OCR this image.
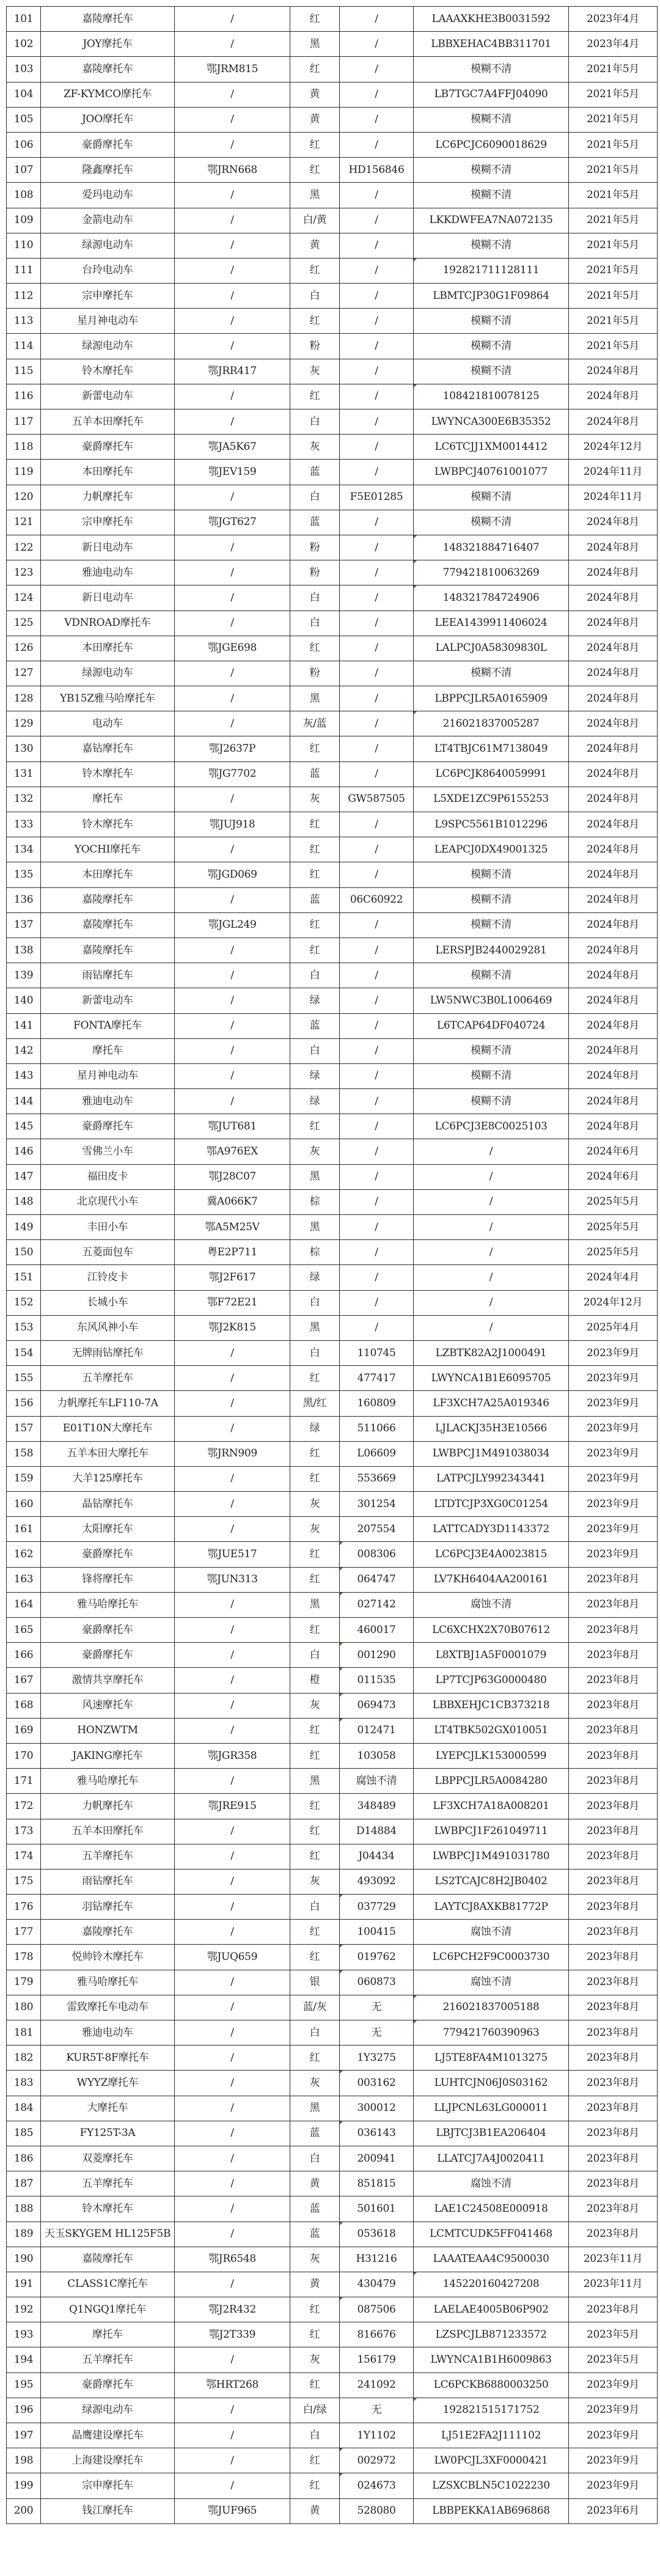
101	嘉陵摩托车	/	红	/	LAAAXKHE3B0031592	2023年4月
102	JOY摩托车	/	黑	/	LBBXEHAC4BB311701	2023年4月
103	嘉陵摩托车	鄂JRM815	红	/	模糊不清	2021年5月
104	ZF-KYMCO摩托车	/	黄	/	LB7TGC7A4FFJ04090	2021年5月
105	JOO摩托车	/	黄	/	模糊不清	2021年5月
106	豪爵摩托车	/	红	/	LC6PCJC6090018629	2021年5月
107	隆鑫摩托车	鄂JRN668	红	HD156846	模糊不清	2021年5月
108	爱玛电动车	/	黑	/	模糊不清	2021年5月
109	金箭电动车	/	白/黄	/	LKKDWFEA7NA072135	2021年5月
110	绿源电动车	/	黄	/	模糊不清	2021年5月
111	台玲电动车	/	红	/	192821711128111	2021年5月
112	宗申摩托车	/	白	/	LBMTCJP30G1F09864	2021年5月
113	星月神电动车	/	红	/	模糊不清	2021年5月
114	绿源电动车	/	粉	/	模糊不清	2021年5月
115	铃木摩托车	鄂JRR417	灰	/	模糊不清	2024年8月
116	新蕾电动车	/	红	/	108421810078125	2024年8月
117	五羊本田摩托车	/	白	/	LWYNCA300E6B35352	2024年8月
118	豪爵摩托车	鄂JA5K67	灰	/	LC6TCJJ1XM0014412	2024年12月
119	本田摩托车	鄂JEV159	蓝	/	LWBPCJ40761001077	2024年11月
120	力帆摩托车	/	白	F5E01285	模糊不清	2024年11月
121	宗申摩托车	鄂JGT627	蓝	/	模糊不清	2024年8月
122	新日电动车	/	粉	/	148321884716407	2024年8月
123	雅迪电动车	/	粉	/	779421810063269	2024年8月
124	新日电动车	/	白	/	148321784724906	2024年8月
125	VDNROAD摩托车	/	白	/	LEEA1439911406024	2024年8月
126	本田摩托车	鄂JGE698	红	/	LALPCJ0A58309830L	2024年8月
127	绿源电动车	/	粉	/	模糊不清	2024年8月
128	YB15Z雅马哈摩托车	/	黑	/	LBPPCJLR5A0165909	2024年8月
129	电动车	/	灰/蓝	/	216021837005287	2024年8月
130	嘉钻摩托车	鄂J2637P	红	/	LT4TBJC61M7138049	2024年8月
131	铃木摩托车	鄂JG7702	蓝	/	LC6PCJK8640059991	2024年8月
132	摩托车	/	灰	GW587505	L5XDE1ZC9P6155253	2024年8月
133	铃木摩托车	鄂JUJ918	红	/	L9SPC5561B1012296	2024年8月
134	YOCHI摩托车	/	红	/	LEAPCJ0DX49001325	2024年8月
135	本田摩托车	鄂JGD069	红	/	模糊不清	2024年8月
136	嘉陵摩托车	/	蓝	06C60922	模糊不清	2024年8月
137	嘉陵摩托车	鄂JGL249	红	/	模糊不清	2024年8月
138	嘉陵摩托车	/	红	/	LERSPJB2440029281	2024年8月
139	雨钻摩托车	/	白	/	模糊不清	2024年8月
140	新蕾电动车	/	绿	/	LW5NWC3B0L1006469	2024年8月
141	FONTA摩托车	/	蓝	/	L6TCAP64DF040724	2024年8月
142	摩托车	/	白	/	模糊不清	2024年8月
143	星月神电动车	/	绿	/	模糊不清	2024年8月
144	雅迪电动车	/	绿	/	模糊不清	2024年8月
145	豪爵摩托车	鄂JUT681	红	/	LC6PCJ3E8C0025103	2024年8月
146	雪佛兰小车	鄂A976EX	灰	/	/	2024年6月
147	福田皮卡	鄂J28C07	黑	/	/	2024年6月
148	北京现代小车	冀A066K7	棕	/	/	2025年5月
149	丰田小车	鄂A5M25V	黑	/	/	2025年5月
150	五菱面包车	粤E2P711	棕	/	/	2025年5月
151	江铃皮卡	鄂J2F617	绿	/	/	2024年4月
152	长城小车	鄂F72E21	白	/	/	2024年12月
153	东风风神小车	鄂J2K815	黑	/	/	2025年4月
154	无牌雨钻摩托车	/	白	110745	LZBTK82A2J1000491	2023年9月
155	五羊摩托车	/	红	477417	LWYNCA1B1E6095705	2023年9月
156	力帆摩托车LF110-7A	/	黑/红	160809	LF3XCH7A25A019346	2023年9月
157	E01T10N大摩托车	/	绿	511066	LJLACKJ35H3E10566	2023年9月
158	五羊本田大摩托车	鄂JRN909	红	L06609	LWBPCJ1M491038034	2023年9月
159	大羊125摩托车	/	红	553669	LATPCJLY992343441	2023年9月
160	晶钻摩托车	/	灰	301254	LTDTCJP3XG0C01254	2023年9月
161	太阳摩托车	/	灰	207554	LATTCADY3D1143372	2023年9月
162	豪爵摩托车	鄂JUE517	红	008306	LC6PCJ3E4A0023815	2023年9月
163	锋将摩托车	鄂JUN313	红	064747	LV7KH6404AA200161	2023年8月
164	雅马哈摩托车	/	黑	027142	腐蚀不清	2023年8月
165	豪爵摩托车	/	红	460017	LC6XCHX2X70B07612	2023年8月
166	豪爵摩托车	/	白	001290	L8XTBJ1A5F0001079	2023年8月
167	激情共享摩托车	/	橙	011535	LP7TCJP63G0000480	2023年8月
168	风速摩托车	/	灰	069473	LBBXEHJC1CB373218	2023年8月
169	HONZWTM	/	红	012471	LT4TBK502GX010051	2023年8月
170	JAKING摩托车	鄂JGR358	红	103058	LYEPCJLK153000599	2023年8月
171	雅马哈摩托车	/	黑	腐蚀不清	LBPPCJLR5A0084280	2023年8月
172	力帆摩托车	鄂JRE915	红	348489	LF3XCH7A18A008201	2023年8月
173	五羊本田摩托车	/	红	D14884	LWBPCJ1F261049711	2023年8月
174	五羊摩托车	/	红	J04434	LWBPCJ1M491031780	2023年8月
175	雨钻摩托车	/	灰	493092	LS2TCAJC8H2JB0402	2023年8月
176	羽钻摩托车	/	白	037729	LAYTCJ8AXKB81772P	2023年8月
177	嘉陵摩托车	/	红	100415	腐蚀不清	2023年8月
178	悦帅铃木摩托车	鄂JUQ659	红	019762	LC6PCH2F9C0003730	2023年8月
179	雅马哈摩托车	/	银	060873	腐蚀不清	2023年8月
180	雷致摩托车电动车	/	蓝/灰	无	216021837005188	2023年8月
181	雅迪电动车	/	白	无	779421760390963	2023年8月
182	KUR5T-8F摩托车	/	红	1Y3275	LJ5TE8FA4M1013275	2023年8月
183	WYYZ摩托车	/	灰	003162	LUHTCJN06J0S03162	2023年8月
184	大摩托车	/	黑	300012	LLJPCNL63LG000011	2023年8月
185	FY125T-3A	/	蓝	036143	LBJTCJ3B1EA206404	2023年8月
186	双菱摩托车	/	白	200941	LLATCJ7A4J0020411	2023年8月
187	五羊摩托车	/	黄	851815	腐蚀不清	2023年8月
188	铃木摩托车	/	蓝	501601	LAE1C24508E000918	2023年8月
189	天玉SKYGEM HL125F5B	/	蓝	053618	LCMTCUDK5FF041468	2023年8月
190	嘉陵摩托车	鄂JR6548	灰	H31216	LAAATEAA4C9500030	2023年11月
191	CLASS1C摩托车	/	黄	430479	145220160427208	2023年11月
192	Q1NGQ1摩托车	鄂J2R432	红	087506	LAELAE4005B06P902	2023年8月
193	摩托车	鄂J2T339	红	816676	LZSPCJLB871233572	2023年5月
194	五羊摩托车	/	灰	156179	LWYNCA1B1H6009863	2023年5月
195	豪爵摩托车	鄂HRT268	红	241092	LC6PCKB6880003250	2023年9月
196	绿源电动车	/	白/绿	无	192821515171752	2023年9月
197	晶鹰建设摩托车	/	白	1Y1102	LJ51E2FA2J111102	2023年9月
198	上海建设摩托车	/	红	002972	LW0PCJL3XF0000421	2023年9月
199	宗申摩托车	/	红	024673	LZSXCBLN5C1022230	2023年9月
200	钱江摩托车	鄂JUF965	黄	528080	LBBPEKKA1AB696868	2023年6月
